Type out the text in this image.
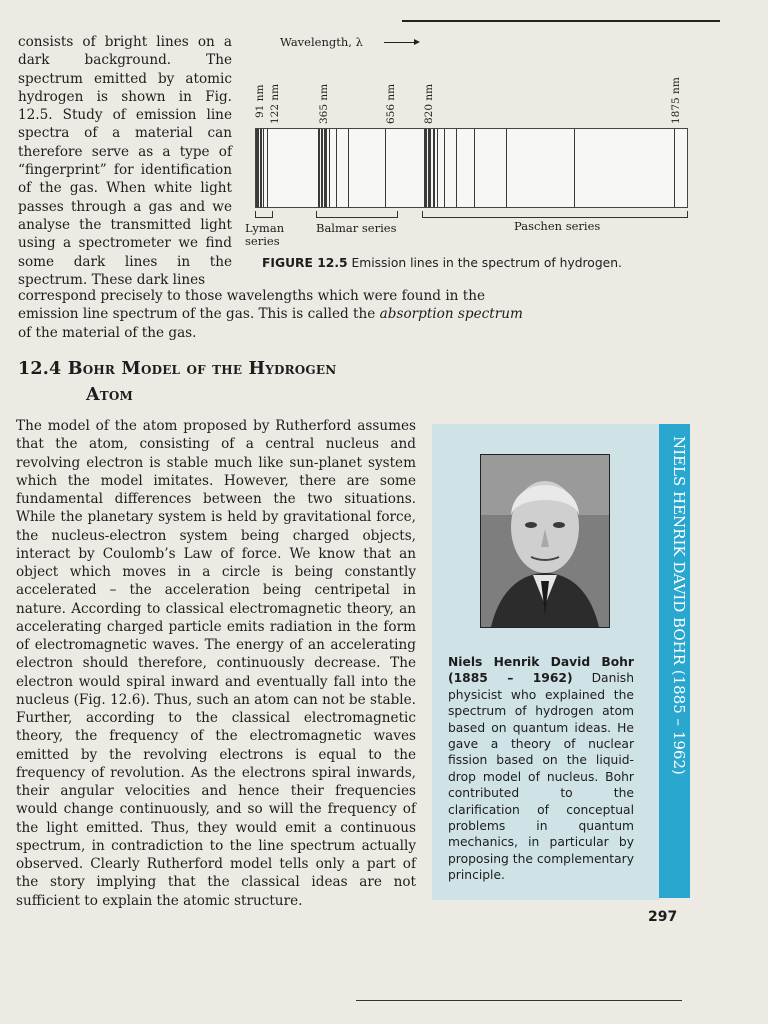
consists of bright lines on a dark background. The spectrum emitted by atomic hydrogen is shown in Fig. 12.5. Study of emission line spectra of a material can therefore serve as a type of “fingerprint” for identification of the gas. When white light passes through a gas and we analyse the transmitted light using a spectrometer we find some dark lines in the spectrum. These dark lines
Wavelength, λ
91 nm 122 nm	365 nm	656 nm 820 nm	1875 nm
Lyman series
Balmar series	Paschen series
FIGURE 12.5 Emission lines in the spectrum of hydrogen.
correspond precisely to those wavelengths which were found in the emission line spectrum of the gas. This is called the absorption spectrum of the material of the gas.
12.4 Bohr Model of the Hydrogen
Atom
The model of the atom proposed by Rutherford assumes that the atom, consisting of a central nucleus and revolving electron is stable much like sun-planet system which the model imitates. However, there are some fundamental differences between the two situations. While the planetary system is held by gravitational force, the nucleus-electron system being charged objects, interact by Coulomb’s Law of force. We know that an object which moves in a circle is being constantly accelerated – the acceleration being centripetal in nature. According to classical electromagnetic theory, an accelerating charged particle emits radiation in the form of electromagnetic waves. The energy of an accelerating electron should therefore, continuously decrease. The electron would spiral inward and eventually fall into the nucleus (Fig. 12.6). Thus, such an atom can not be stable. Further, according to the classical electromagnetic theory, the frequency of the electromagnetic waves emitted by the revolving electrons is equal to the frequency of revolution. As the electrons spiral inwards, their angular velocities and hence their frequencies would change continuously, and so will the frequency of the light emitted. Thus, they would emit a continuous spectrum, in contradiction to the line spectrum actually observed. Clearly Rutherford model tells only a part of the story implying that the classical ideas are not sufficient to explain the atomic structure.
Niels Henrik David Bohr (1885 – 1962) Danish physicist who explained the spectrum of hydrogen atom based on quantum ideas. He gave a theory of nuclear fission based on the liquid-drop model of nucleus. Bohr contributed to the clarification of conceptual problems in quantum mechanics, in particular by proposing the complementary principle.
NIELS HENRIK DAVID BOHR (1885 – 1962)
297
